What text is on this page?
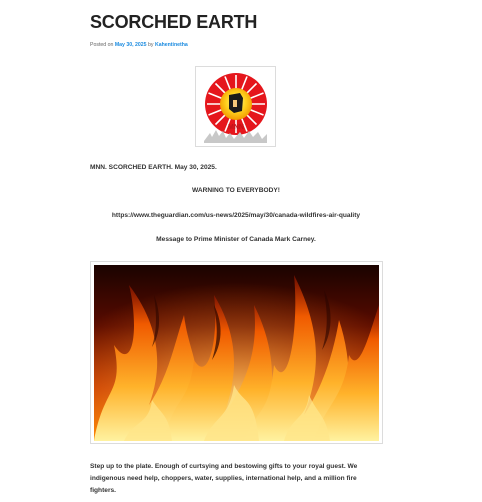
SCORCHED EARTH
Posted on May 30, 2025 by Kahentinetha
MNN

MNN. SCORCHED EARTH. May 30, 2025.

WARNING TO EVERYBODY!

https://www.theguardian.com/us-news/2025/may/30/canada-wildfires-air-quality

Message to Prime Minister of Canada Mark Carney.

Step up to the plate. Enough of curtsying and bestowing gifts to your royal guest. We indigenous need help, choppers, water, supplies, international help, and a million fire fighters.
